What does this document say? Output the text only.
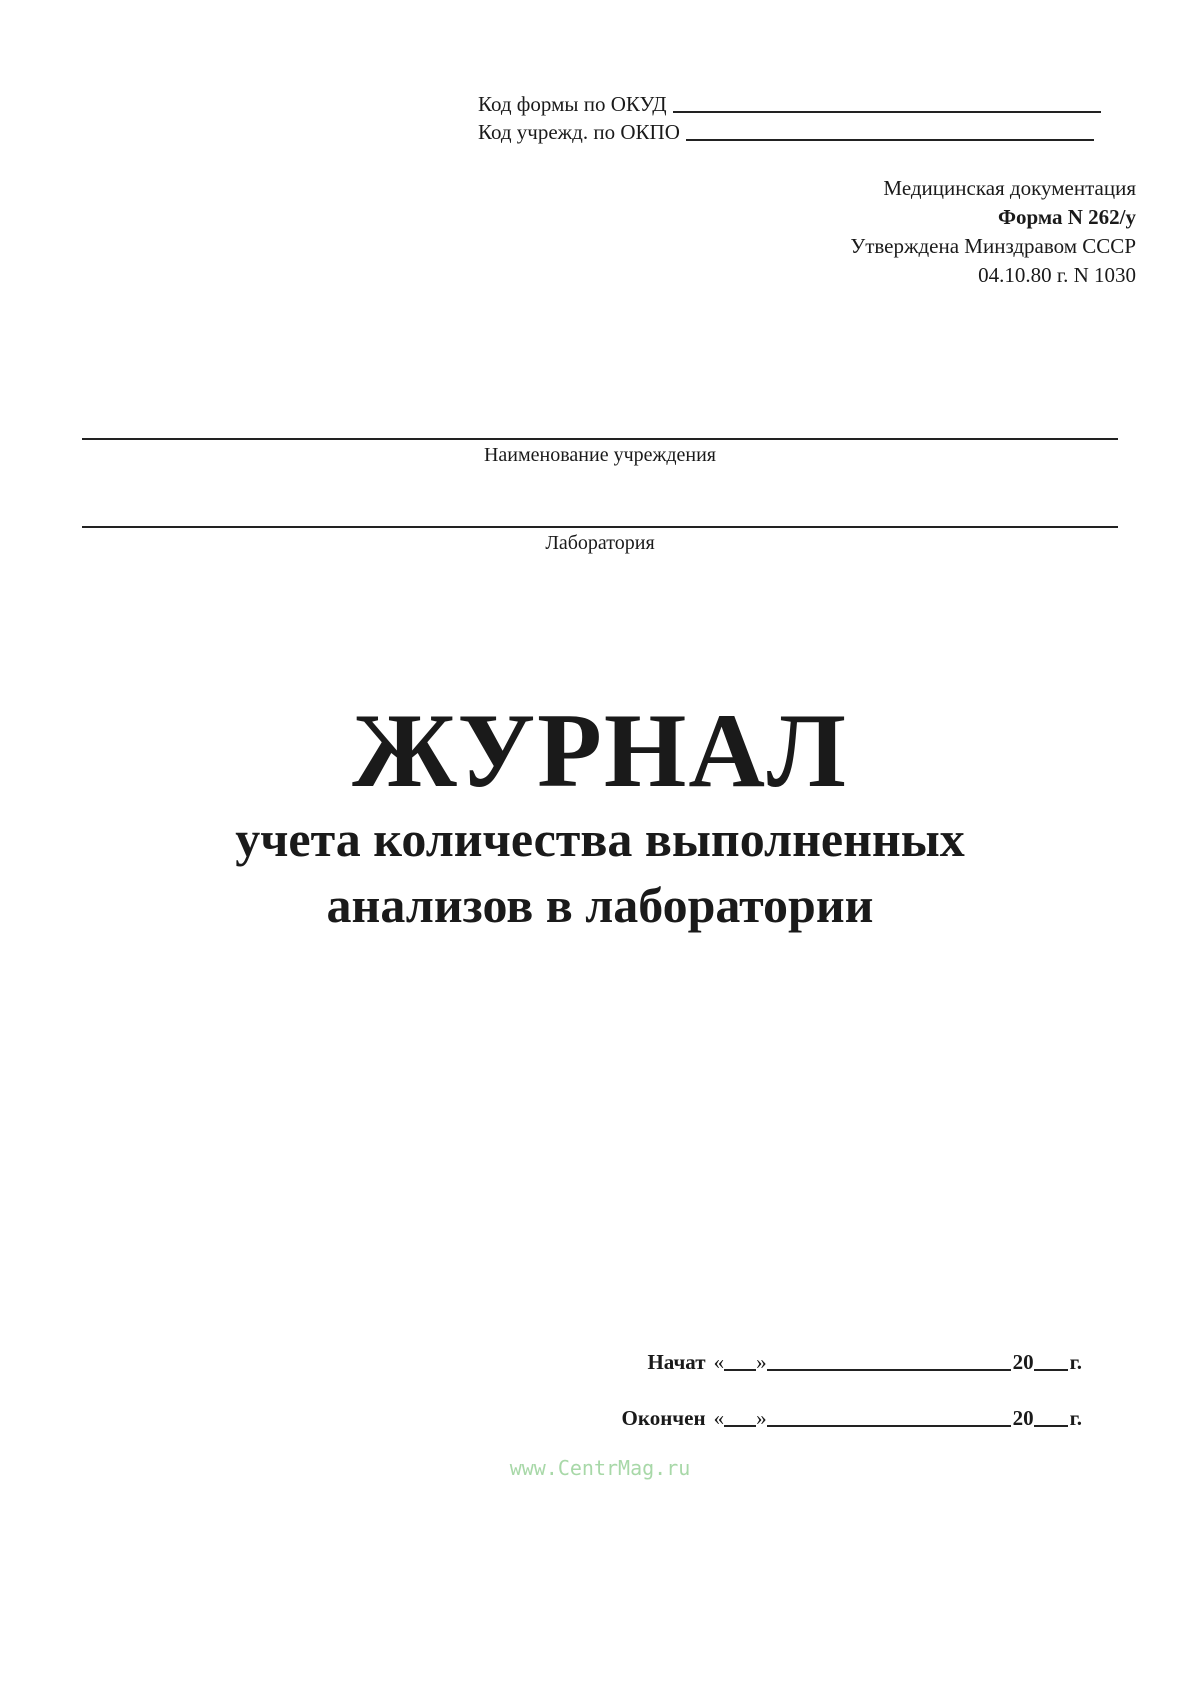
Код формы по ОКУД
Код учрежд. по ОКПО
Медицинская документация
Форма N 262/у
Утверждена Минздравом СССР
04.10.80 г. N 1030
Наименование учреждения
Лаборатория
ЖУРНАЛ
учета количества выполненных
анализов в лаборатории
Начат « »	20 г.
Окончен « »	20 г.
www.CentrMag.ru
